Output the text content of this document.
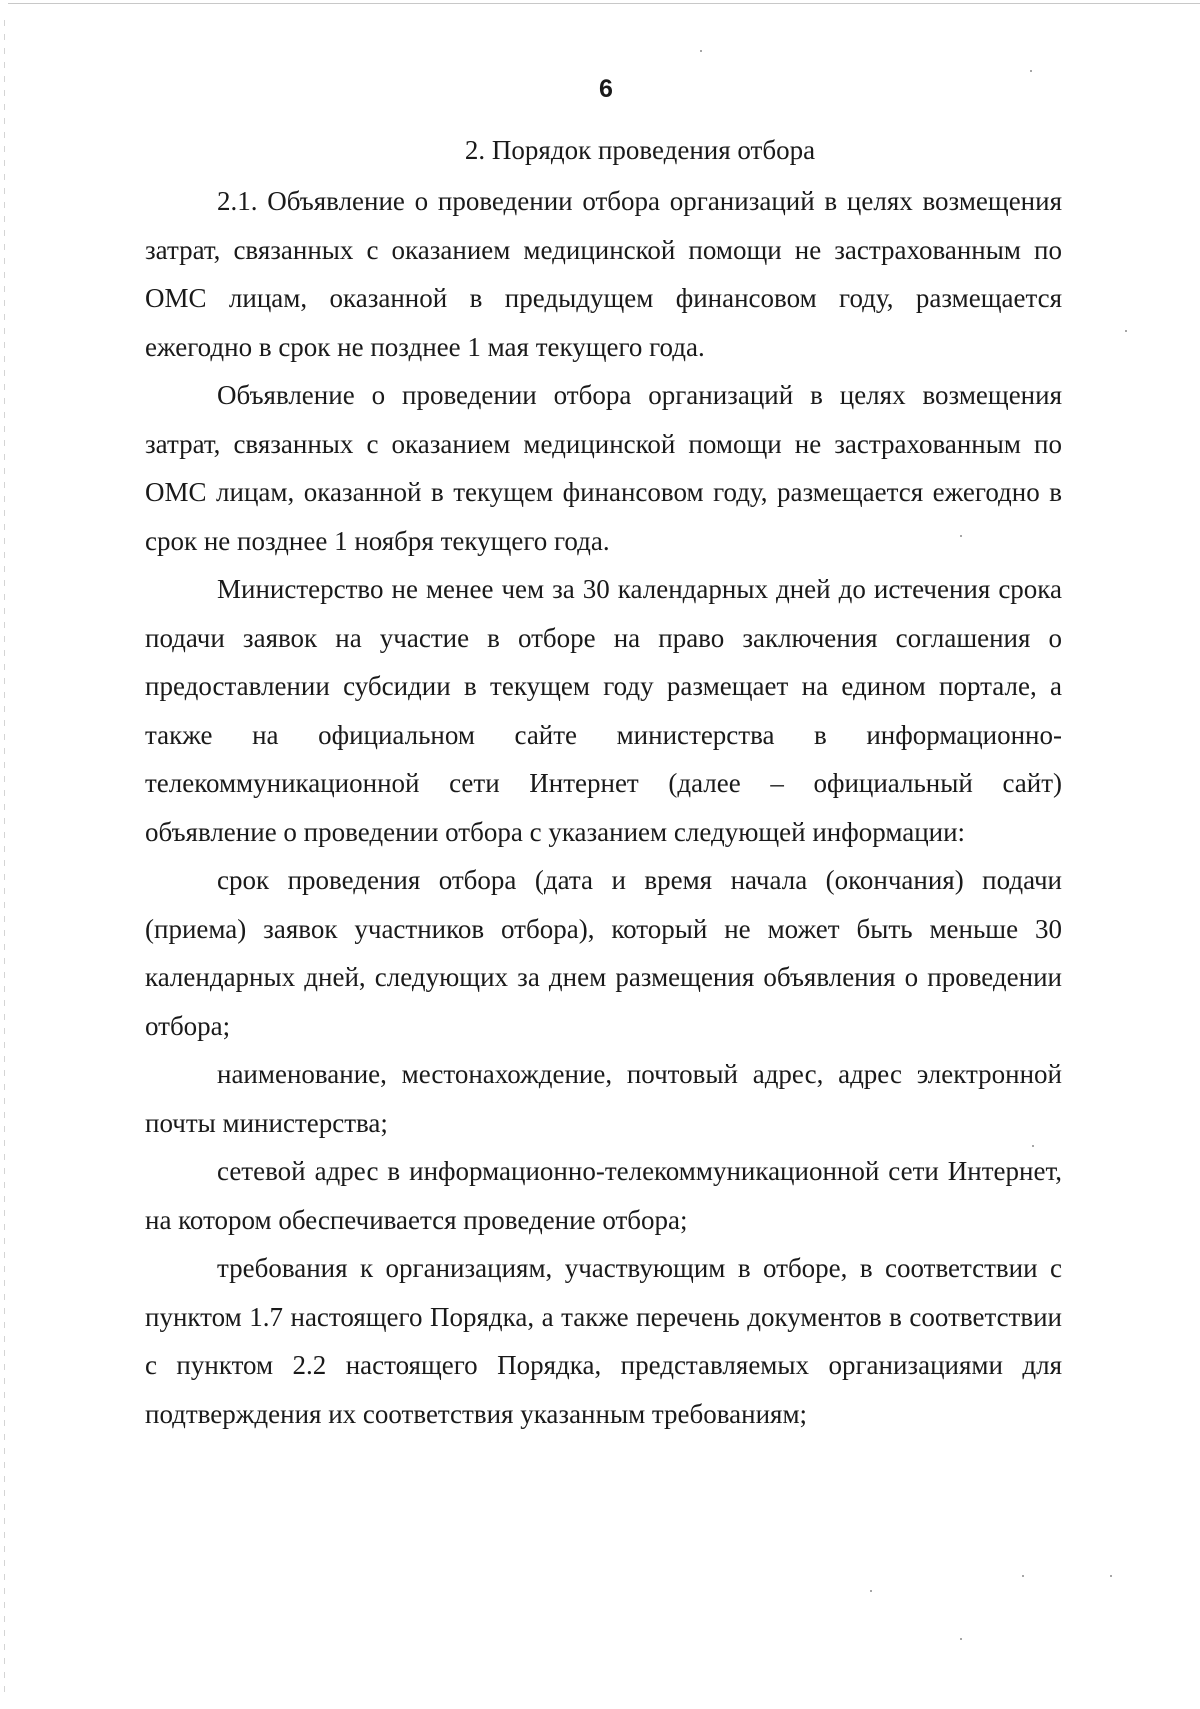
6
2. Порядок проведения отбора

2.1. Объявление о проведении отбора организаций в целях возмещения затрат, связанных с оказанием медицинской помощи не застрахованным по ОМС лицам, оказанной в предыдущем финансовом году, размещается ежегодно в срок не позднее 1 мая текущего года.

Объявление о проведении отбора организаций в целях возмещения затрат, связанных с оказанием медицинской помощи не застрахованным по ОМС лицам, оказанной в текущем финансовом году, размещается ежегодно в срок не позднее 1 ноября текущего года.

Министерство не менее чем за 30 календарных дней до истечения срока подачи заявок на участие в отборе на право заключения соглашения о предоставлении субсидии в текущем году размещает на едином портале, а также на официальном сайте министерства в информационно-телекоммуникационной сети Интернет (далее – официальный сайт) объявление о проведении отбора с указанием следующей информации:

срок проведения отбора (дата и время начала (окончания) подачи (приема) заявок участников отбора), который не может быть меньше 30 календарных дней, следующих за днем размещения объявления о проведении отбора;

наименование, местонахождение, почтовый адрес, адрес электронной почты министерства;

сетевой адрес в информационно-телекоммуникационной сети Интернет, на котором обеспечивается проведение отбора;

требования к организациям, участвующим в отборе, в соответствии с пунктом 1.7 настоящего Порядка, а также перечень документов в соответствии с пунктом 2.2 настоящего Порядка, представляемых организациями для подтверждения их соответствия указанным требованиям;
